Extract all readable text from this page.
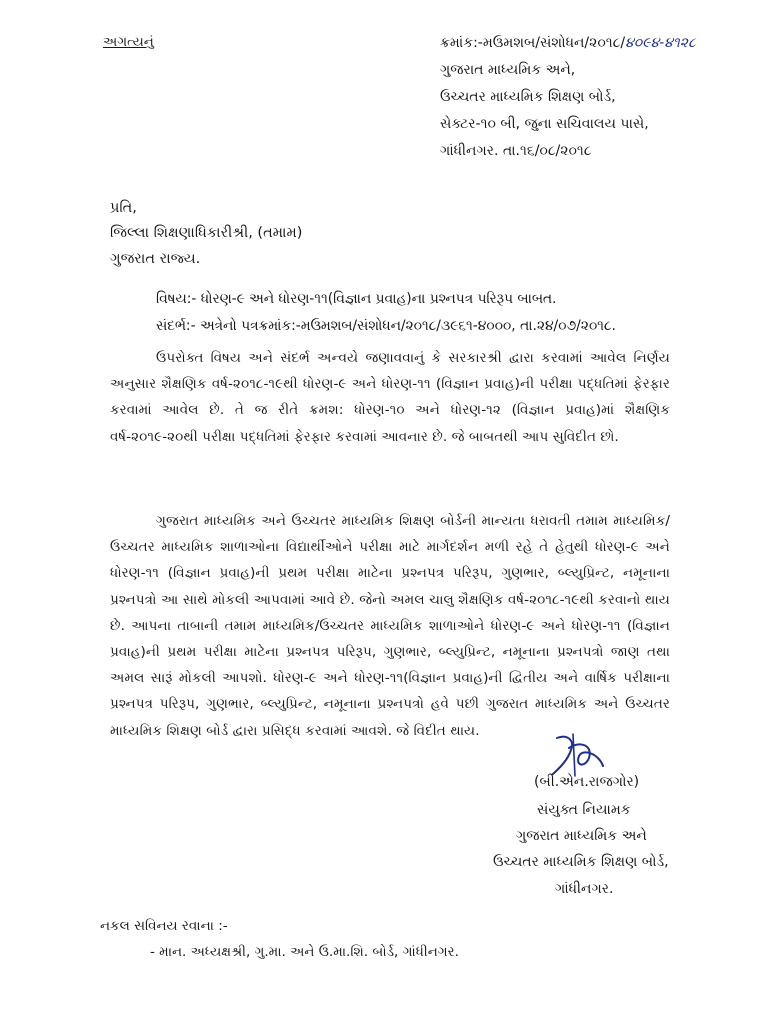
અગત્યનું	ક્રમાંક:-મઉમશબ/સંશોધન/૨૦૧૮/૪૦૯૪-૪૧૨૮
ગુજરાત માધ્યમિક અને,
ઉચ્ચતર માધ્યમિક શિક્ષણ બોર્ડ,
સેક્ટર-૧૦ બી, જુના સચિવાલય પાસે,
ગાંધીનગર. તા.૧૬/૦૮/૨૦૧૮
પ્રતિ,
જિલ્લા શિક્ષણાધિકારીશ્રી, (તમામ)
ગુજરાત રાજ્ય.
વિષય:- ધોરણ-૯ અને ધોરણ-૧૧(વિજ્ઞાન પ્રવાહ)ના પ્રશ્નપત્ર પરિરૂપ બાબત.
સંદર્ભ:- અત્રેનો પત્રક્રમાંક:-મઉમશબ/સંશોધન/૨૦૧૮/૩૯૬૧-૪૦૦૦, તા.૨૪/૦૭/૨૦૧૮.

ઉપરોક્ત વિષય અને સંદર્ભ અન્વયે જણાવવાનું કે સરકારશ્રી દ્વારા કરવામાં આવેલ નિર્ણય અનુસાર શૈક્ષણિક વર્ષ-૨૦૧૮-૧૯થી ધોરણ-૯ અને ધોરણ-૧૧ (વિજ્ઞાન પ્રવાહ)ની પરીક્ષા પદ્ધતિમાં ફેરફાર કરવામાં આવેલ છે. તે જ રીતે ક્રમશ: ધોરણ-૧૦ અને ધોરણ-૧૨ (વિજ્ઞાન પ્રવાહ)માં શૈક્ષણિક વર્ષ-૨૦૧૯-૨૦થી પરીક્ષા પદ્ધતિમાં ફેરફાર કરવામાં આવનાર છે. જે બાબતથી આપ સુવિદીત છો.

ગુજરાત માધ્યમિક અને ઉચ્ચતર માધ્યમિક શિક્ષણ બોર્ડની માન્યતા ધરાવતી તમામ માધ્યમિક/ઉચ્ચતર માધ્યમિક શાળાઓના વિદ્યાર્થીઓને પરીક્ષા માટે માર્ગદર્શન મળી રહે તે હેતુથી ધોરણ-૯ અને ધોરણ-૧૧ (વિજ્ઞાન પ્રવાહ)ની પ્રથમ પરીક્ષા માટેના પ્રશ્નપત્ર પરિરૂપ, ગુણભાર, બ્લ્યુપ્રિન્ટ, નમૂનાના પ્રશ્નપત્રો આ સાથે મોકલી આપવામાં આવે છે. જેનો અમલ ચાલુ શૈક્ષણિક વર્ષ-૨૦૧૮-૧૯થી કરવાનો થાય છે. આપના તાબાની તમામ માધ્યમિક/ઉચ્ચતર માધ્યમિક શાળાઓને ધોરણ-૯ અને ધોરણ-૧૧ (વિજ્ઞાન પ્રવાહ)ની પ્રથમ પરીક્ષા માટેના પ્રશ્નપત્ર પરિરૂપ, ગુણભાર, બ્લ્યુપ્રિન્ટ, નમૂનાના પ્રશ્નપત્રો જાણ તથા અમલ સારૂં મોકલી આપશો. ધોરણ-૯ અને ધોરણ-૧૧(વિજ્ઞાન પ્રવાહ)ની દ્વિતીય અને વાર્ષિક પરીક્ષાના પ્રશ્નપત્ર પરિરૂપ, ગુણભાર, બ્લ્યુપ્રિન્ટ, નમૂનાના પ્રશ્નપત્રો હવે પછી ગુજરાત માધ્યમિક અને ઉચ્ચતર માધ્યમિક શિક્ષણ બોર્ડ દ્વારા પ્રસિદ્ધ કરવામાં આવશે. જે વિદીત થાય.

(બી.એન.રાજગોર)
સંયુક્ત નિયામક
ગુજરાત માધ્યમિક અને
ઉચ્ચતર માધ્યમિક શિક્ષણ બોર્ડ,
ગાંધીનગર.
નકલ સવિનય રવાના :-
- માન. અધ્યક્ષશ્રી, ગુ.મા. અને ઉ.મા.શિ. બોર્ડ, ગાંધીનગર.
